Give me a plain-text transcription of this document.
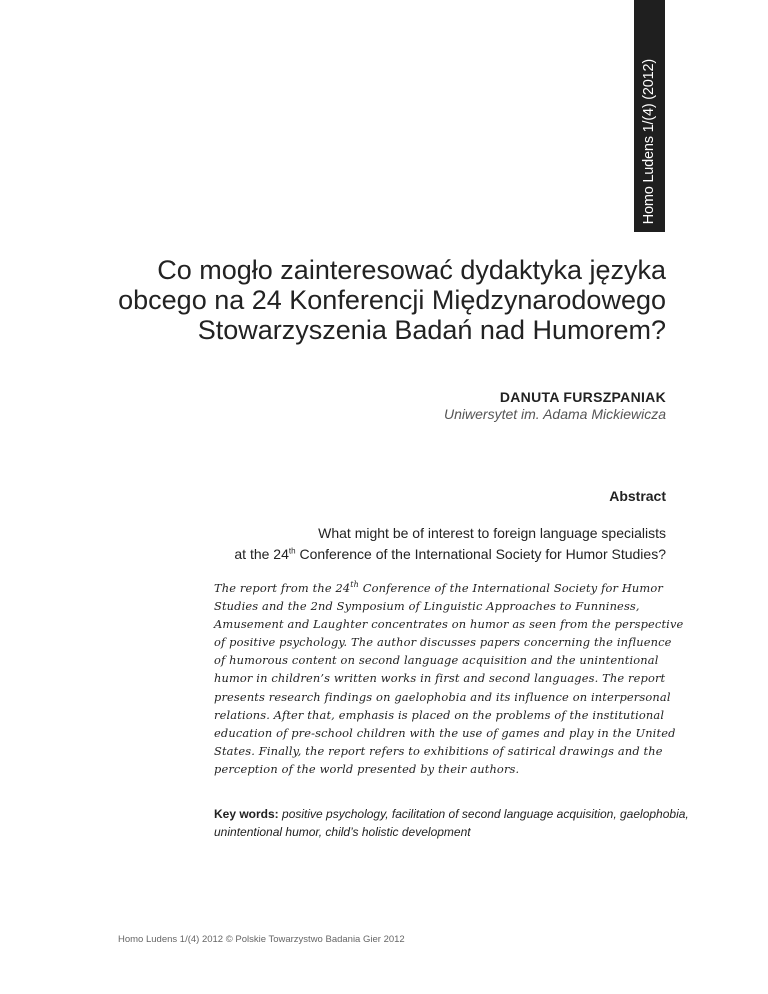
Homo Ludens 1/(4) (2012)
Co mogło zainteresować dydaktyka języka
obcego na 24 Konferencji Międzynarodowego
Stowarzyszenia Badań nad Humorem?
DANUTA FURSZPANIAK
Uniwersytet im. Adama Mickiewicza
Abstract
What might be of interest to foreign language specialists
at the 24th Conference of the International Society for Humor Studies?
The report from the 24th Conference of the International Society for Humor
Studies and the 2nd Symposium of Linguistic Approaches to Funniness,
Amusement and Laughter concentrates on humor as seen from the perspective
of positive psychology. The author discusses papers concerning the influence
of humorous content on second language acquisition and the unintentional
humor in children’s written works in first and second languages. The report
presents research findings on gaelophobia and its influence on interpersonal
relations. After that, emphasis is placed on the problems of the institutional
education of pre-school children with the use of games and play in the United
States. Finally, the report refers to exhibitions of satirical drawings and the
perception of the world presented by their authors.
Key words: positive psychology, facilitation of second language acquisition, gaelophobia,
unintentional humor, child’s holistic development
Homo Ludens 1/(4) 2012 © Polskie Towarzystwo Badania Gier 2012
